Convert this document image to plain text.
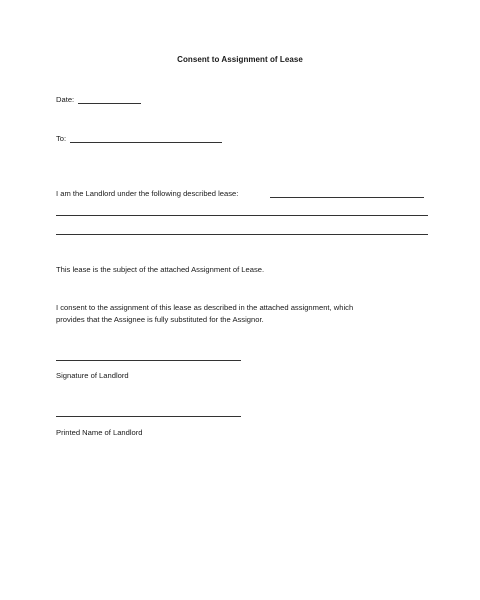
Consent to Assignment of Lease
Date:
To:
I am the Landlord under the following described lease:
This lease is the subject of the attached Assignment of Lease.
I consent to the assignment of this lease as described in the attached assignment, which
provides that the Assignee is fully substituted for the Assignor.
Signature of Landlord
Printed Name of Landlord
